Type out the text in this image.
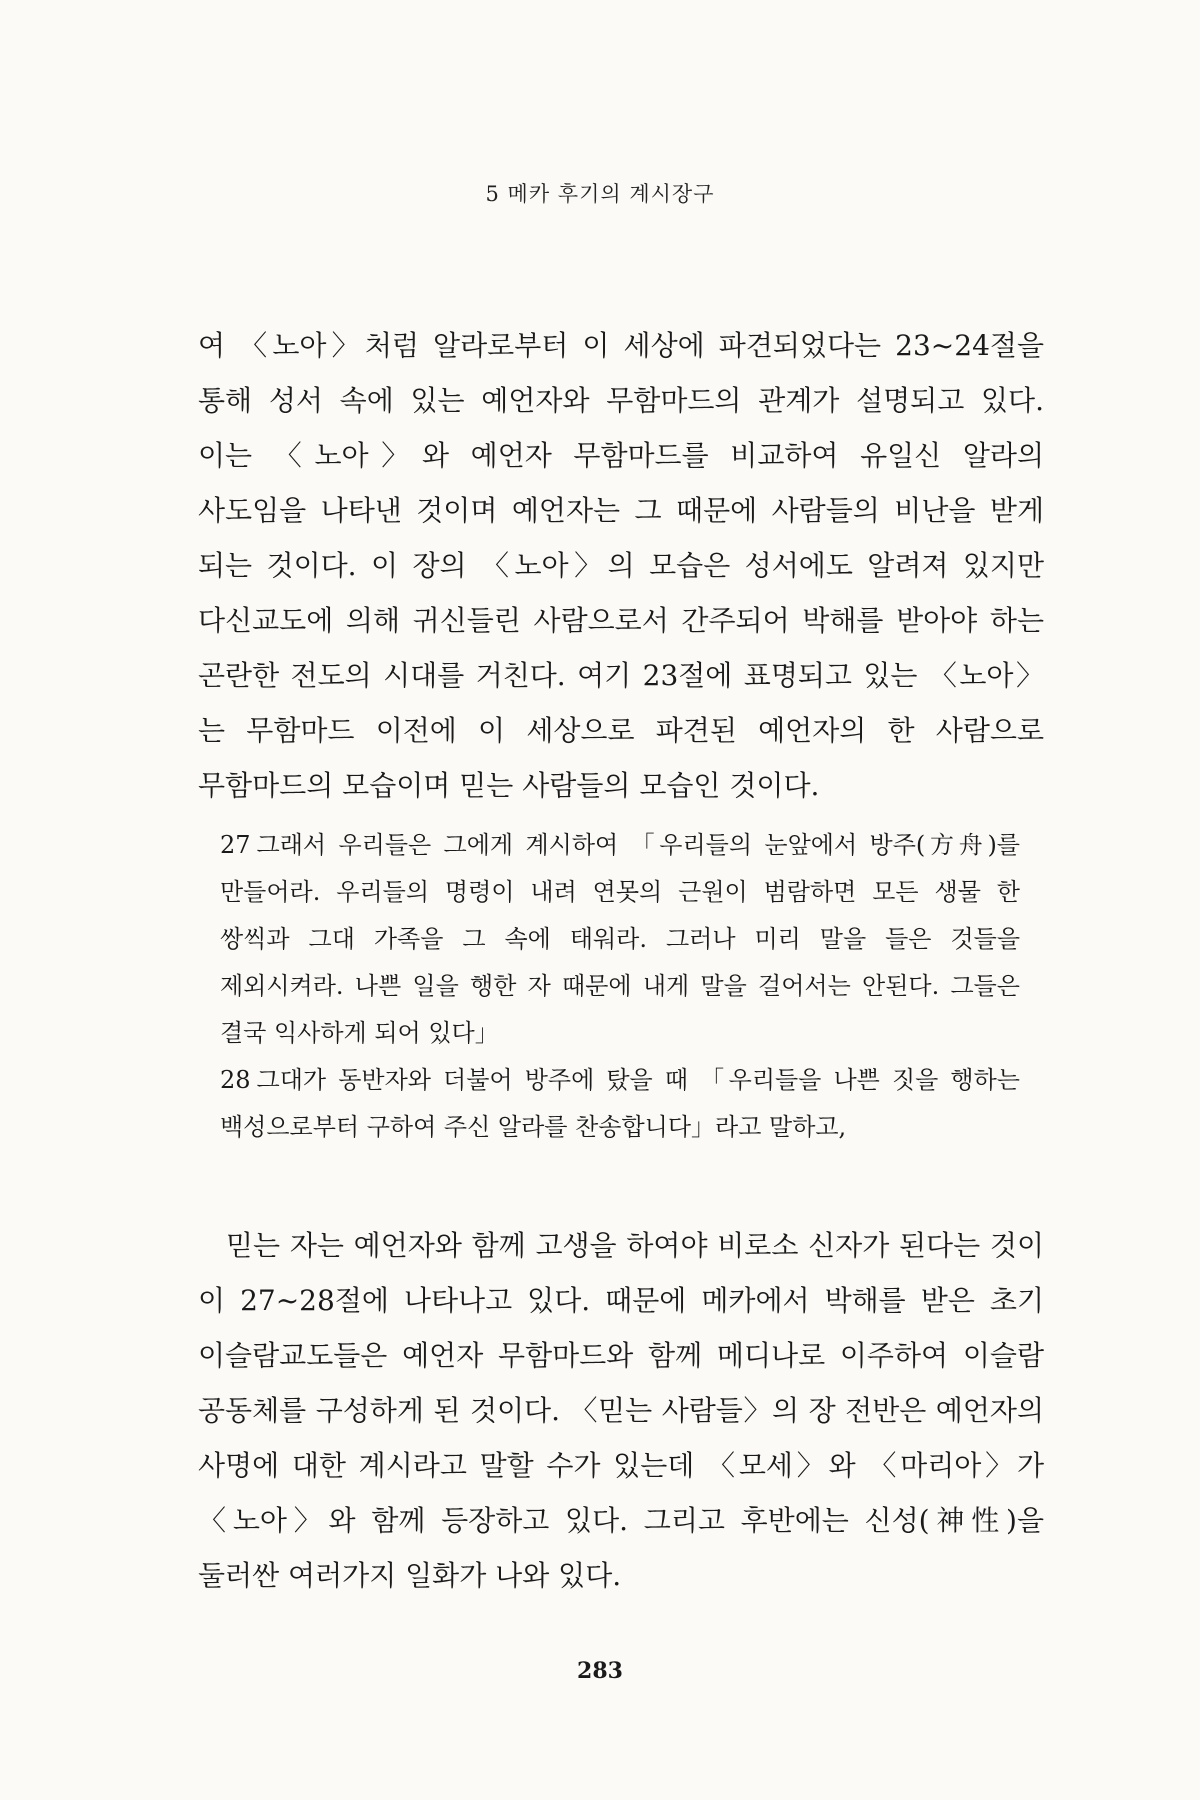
5 메카 후기의 계시장구

여 〈노아〉처럼 알라로부터 이 세상에 파견되었다는 23~24절을 통해 성서 속에 있는 예언자와 무함마드의 관계가 설명되고 있다. 이는 〈노아〉와 예언자 무함마드를 비교하여 유일신 알라의 사도임을 나타낸 것이며 예언자는 그 때문에 사람들의 비난을 받게 되는 것이다. 이 장의 〈노아〉의 모습은 성서에도 알려져 있지만 다신교도에 의해 귀신들린 사람으로서 간주되어 박해를 받아야 하는 곤란한 전도의 시대를 거친다. 여기 23절에 표명되고 있는 〈노아〉는 무함마드 이전에 이 세상으로 파견된 예언자의 한 사람으로 무함마드의 모습이며 믿는 사람들의 모습인 것이다.

27 그래서 우리들은 그에게 계시하여 「우리들의 눈앞에서 방주(方舟)를 만들어라. 우리들의 명령이 내려 연못의 근원이 범람하면 모든 생물 한 쌍씩과 그대 가족을 그 속에 태워라. 그러나 미리 말을 들은 것들을 제외시켜라. 나쁜 일을 행한 자 때문에 내게 말을 걸어서는 안된다. 그들은 결국 익사하게 되어 있다」

28 그대가 동반자와 더불어 방주에 탔을 때 「우리들을 나쁜 짓을 행하는 백성으로부터 구하여 주신 알라를 찬송합니다」라고 말하고,

믿는 자는 예언자와 함께 고생을 하여야 비로소 신자가 된다는 것이 이 27~28절에 나타나고 있다. 때문에 메카에서 박해를 받은 초기 이슬람교도들은 예언자 무함마드와 함께 메디나로 이주하여 이슬람 공동체를 구성하게 된 것이다. 〈믿는 사람들〉의 장 전반은 예언자의 사명에 대한 계시라고 말할 수가 있는데 〈모세〉와 〈마리아〉가 〈노아〉와 함께 등장하고 있다. 그리고 후반에는 신성(神性)을 둘러싼 여러가지 일화가 나와 있다.

283
